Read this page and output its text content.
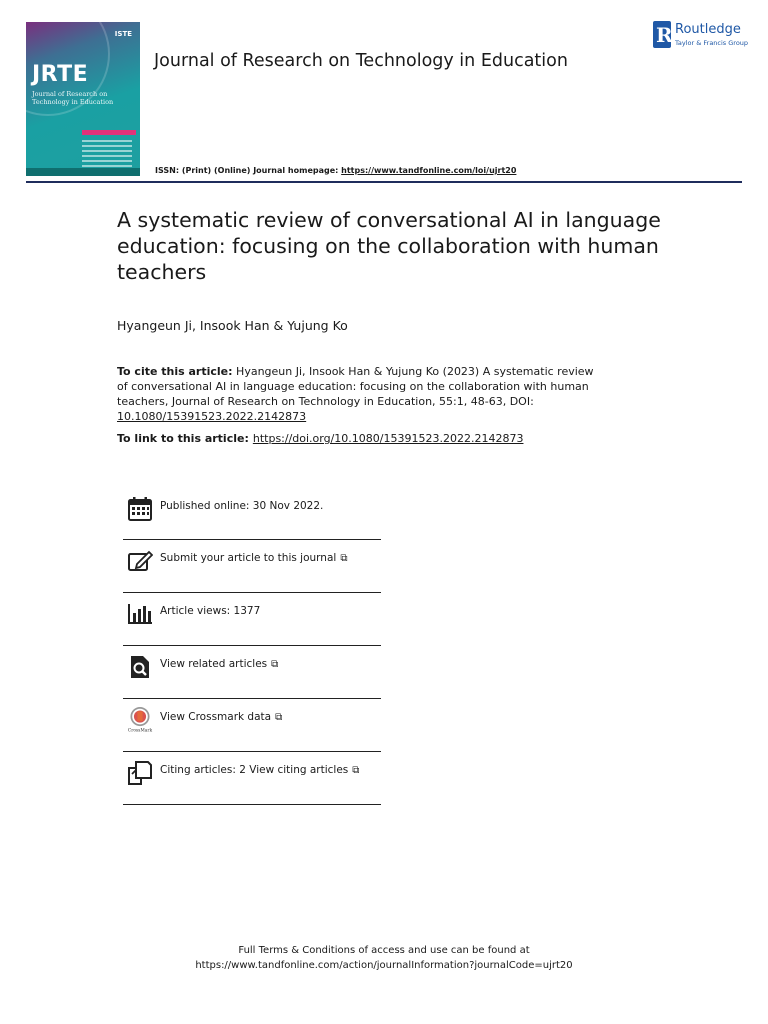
ISTE
JRTE
Journal of Research on Technology in Education
Journal of Research on Technology in Education
R
Routledge
Taylor & Francis Group
ISSN: (Print) (Online) Journal homepage: https://www.tandfonline.com/loi/ujrt20
A systematic review of conversational AI in language education: focusing on the collaboration with human teachers
Hyangeun Ji, Insook Han & Yujung Ko
To cite this article: Hyangeun Ji, Insook Han & Yujung Ko (2023) A systematic review of conversational AI in language education: focusing on the collaboration with human teachers, Journal of Research on Technology in Education, 55:1, 48-63, DOI: 10.1080/15391523.2022.2142873
To link to this article: https://doi.org/10.1080/15391523.2022.2142873
Published online: 30 Nov 2022.
Submit your article to this journal ⧉
Article views: 1377
View related articles ⧉
CrossMark
View Crossmark data ⧉
Citing articles: 2 View citing articles ⧉
Full Terms & Conditions of access and use can be found at
https://www.tandfonline.com/action/journalInformation?journalCode=ujrt20
